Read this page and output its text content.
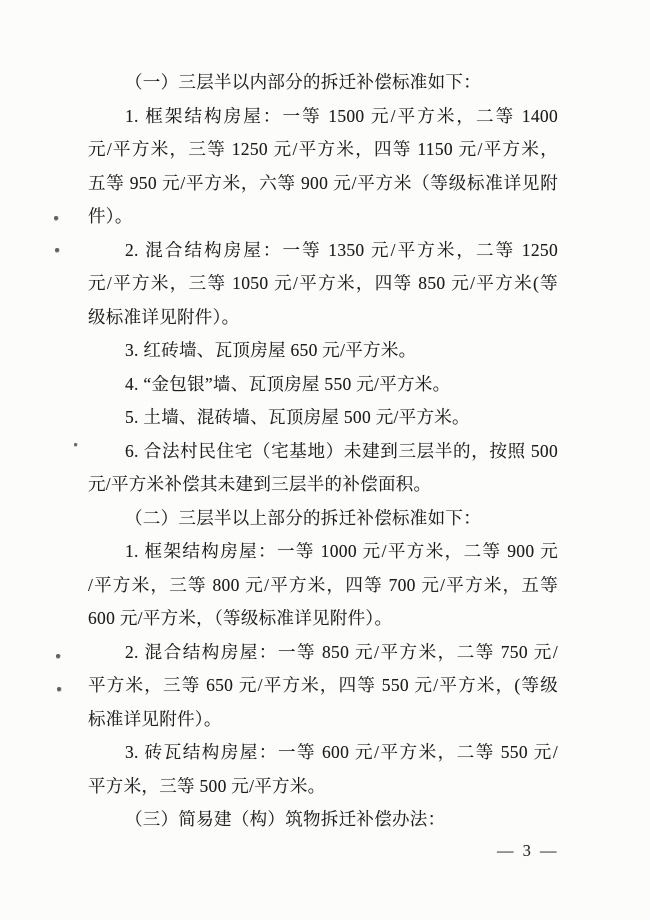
（一）三层半以内部分的拆迁补偿标准如下：
1. 框架结构房屋：一等 1500 元/平方米，二等 1400
元/平方米，三等 1250 元/平方米，四等 1150 元/平方米，
五等 950 元/平方米，六等 900 元/平方米（等级标准详见附
件）。
2. 混合结构房屋：一等 1350 元/平方米，二等 1250
元/平方米，三等 1050 元/平方米，四等 850 元/平方米(等
级标准详见附件）。
3. 红砖墙、瓦顶房屋 650 元/平方米。
4. “金包银”墙、瓦顶房屋 550 元/平方米。
5. 土墙、混砖墙、瓦顶房屋 500 元/平方米。
6. 合法村民住宅（宅基地）未建到三层半的，按照 500
元/平方米补偿其未建到三层半的补偿面积。
（二）三层半以上部分的拆迁补偿标准如下：
1. 框架结构房屋：一等 1000 元/平方米，二等 900 元
/平方米，三等 800 元/平方米，四等 700 元/平方米，五等
600 元/平方米，（等级标准详见附件）。
2. 混合结构房屋：一等 850 元/平方米，二等 750 元/
平方米，三等 650 元/平方米，四等 550 元/平方米，(等级
标准详见附件）。
3. 砖瓦结构房屋：一等 600 元/平方米，二等 550 元/
平方米，三等 500 元/平方米。
（三）简易建（构）筑物拆迁补偿办法：
— 3 —
